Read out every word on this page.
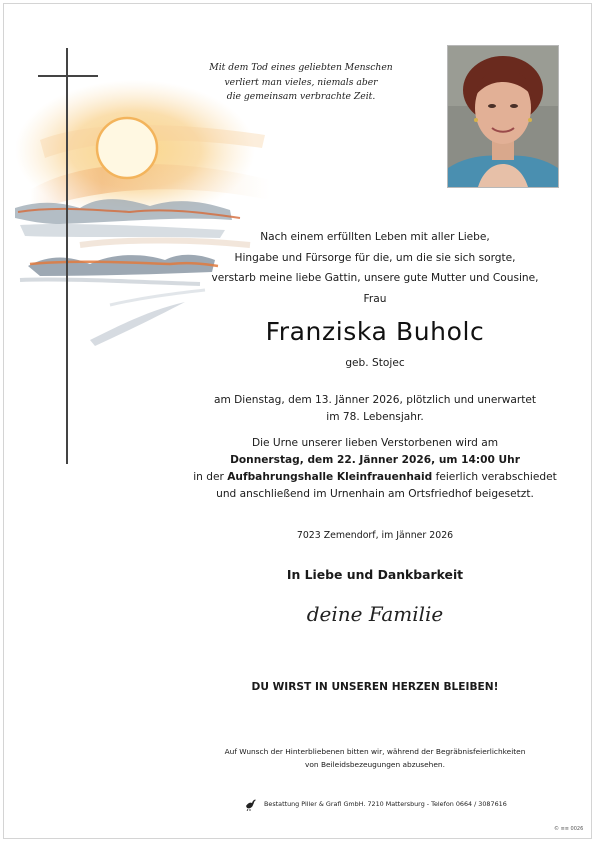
Mit dem Tod eines geliebten Menschen
verliert man vieles, niemals aber
die gemeinsam verbrachte Zeit.
Nach einem erfüllten Leben mit aller Liebe,
Hingabe und Fürsorge für die, um die sie sich sorgte,
verstarb meine liebe Gattin, unsere gute Mutter und Cousine,
Frau
Franziska Buholc
geb. Stojec
am Dienstag, dem 13. Jänner 2026, plötzlich und unerwartet
im 78. Lebensjahr.
Die Urne unserer lieben Verstorbenen wird am
Donnerstag, dem 22. Jänner 2026, um 14:00 Uhr
in der Aufbahrungshalle Kleinfrauenhaid feierlich verabschiedet
und anschließend im Urnenhain am Ortsfriedhof beigesetzt.
7023 Zemendorf, im Jänner 2026
In Liebe und Dankbarkeit
deine Familie
DU WIRST IN UNSEREN HERZEN BLEIBEN!
Auf Wunsch der Hinterbliebenen bitten wir, während der Begräbnisfeierlichkeiten
von Beileidsbezeugungen abzusehen.
Bestattung Piller & Grafl GmbH. 7210 Mattersburg - Telefon 0664 / 3087616
© ≡≡ 0026
